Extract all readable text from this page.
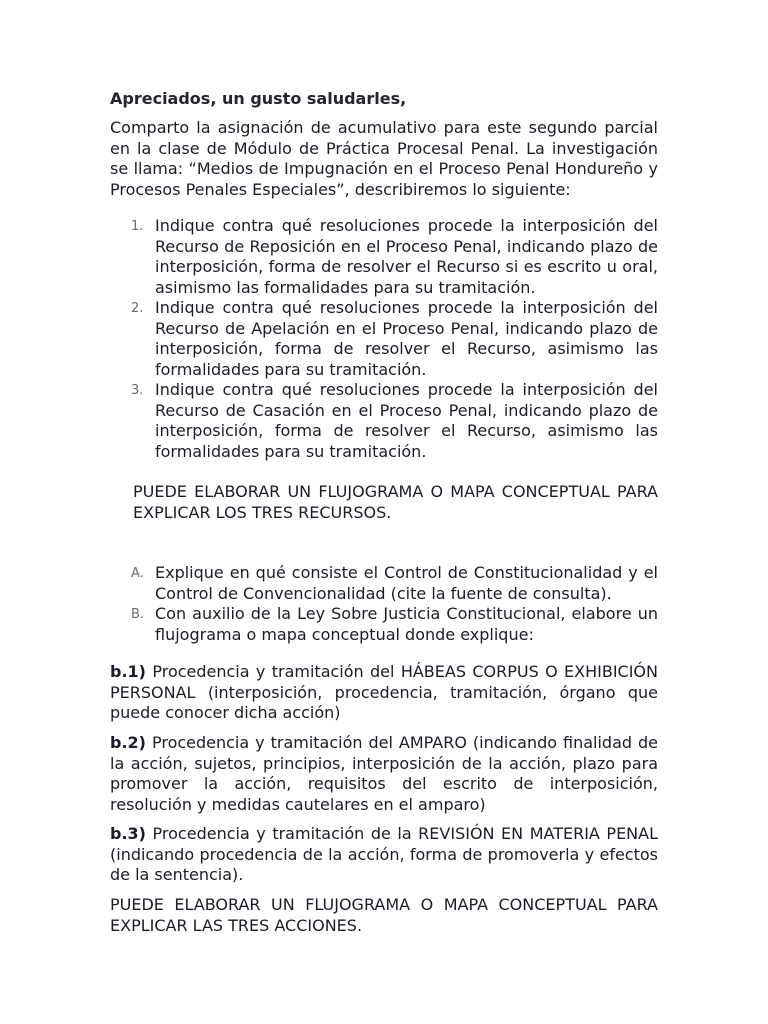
Apreciados, un gusto saludarles,
Comparto la asignación de acumulativo para este segundo parcial en la clase de Módulo de Práctica Procesal Penal. La investigación se llama: “Medios de Impugnación en el Proceso Penal Hondureño y Procesos Penales Especiales”, describiremos lo siguiente:
1. Indique contra qué resoluciones procede la interposición del Recurso de Reposición en el Proceso Penal, indicando plazo de interposición, forma de resolver el Recurso si es escrito u oral, asimismo las formalidades para su tramitación.
2. Indique contra qué resoluciones procede la interposición del Recurso de Apelación en el Proceso Penal, indicando plazo de interposición, forma de resolver el Recurso, asimismo las formalidades para su tramitación.
3. Indique contra qué resoluciones procede la interposición del Recurso de Casación en el Proceso Penal, indicando plazo de interposición, forma de resolver el Recurso, asimismo las formalidades para su tramitación.
PUEDE ELABORAR UN FLUJOGRAMA O MAPA CONCEPTUAL PARA EXPLICAR LOS TRES RECURSOS.
A. Explique en qué consiste el Control de Constitucionalidad y el Control de Convencionalidad (cite la fuente de consulta).
B. Con auxilio de la Ley Sobre Justicia Constitucional, elabore un flujograma o mapa conceptual donde explique:
b.1) Procedencia y tramitación del HÁBEAS CORPUS O EXHIBICIÓN PERSONAL (interposición, procedencia, tramitación, órgano que puede conocer dicha acción)
b.2) Procedencia y tramitación del AMPARO (indicando finalidad de la acción, sujetos, principios, interposición de la acción, plazo para promover la acción, requisitos del escrito de interposición, resolución y medidas cautelares en el amparo)
b.3) Procedencia y tramitación de la REVISIÓN EN MATERIA PENAL (indicando procedencia de la acción, forma de promoverla y efectos de la sentencia).
PUEDE ELABORAR UN FLUJOGRAMA O MAPA CONCEPTUAL PARA EXPLICAR LAS TRES ACCIONES.
